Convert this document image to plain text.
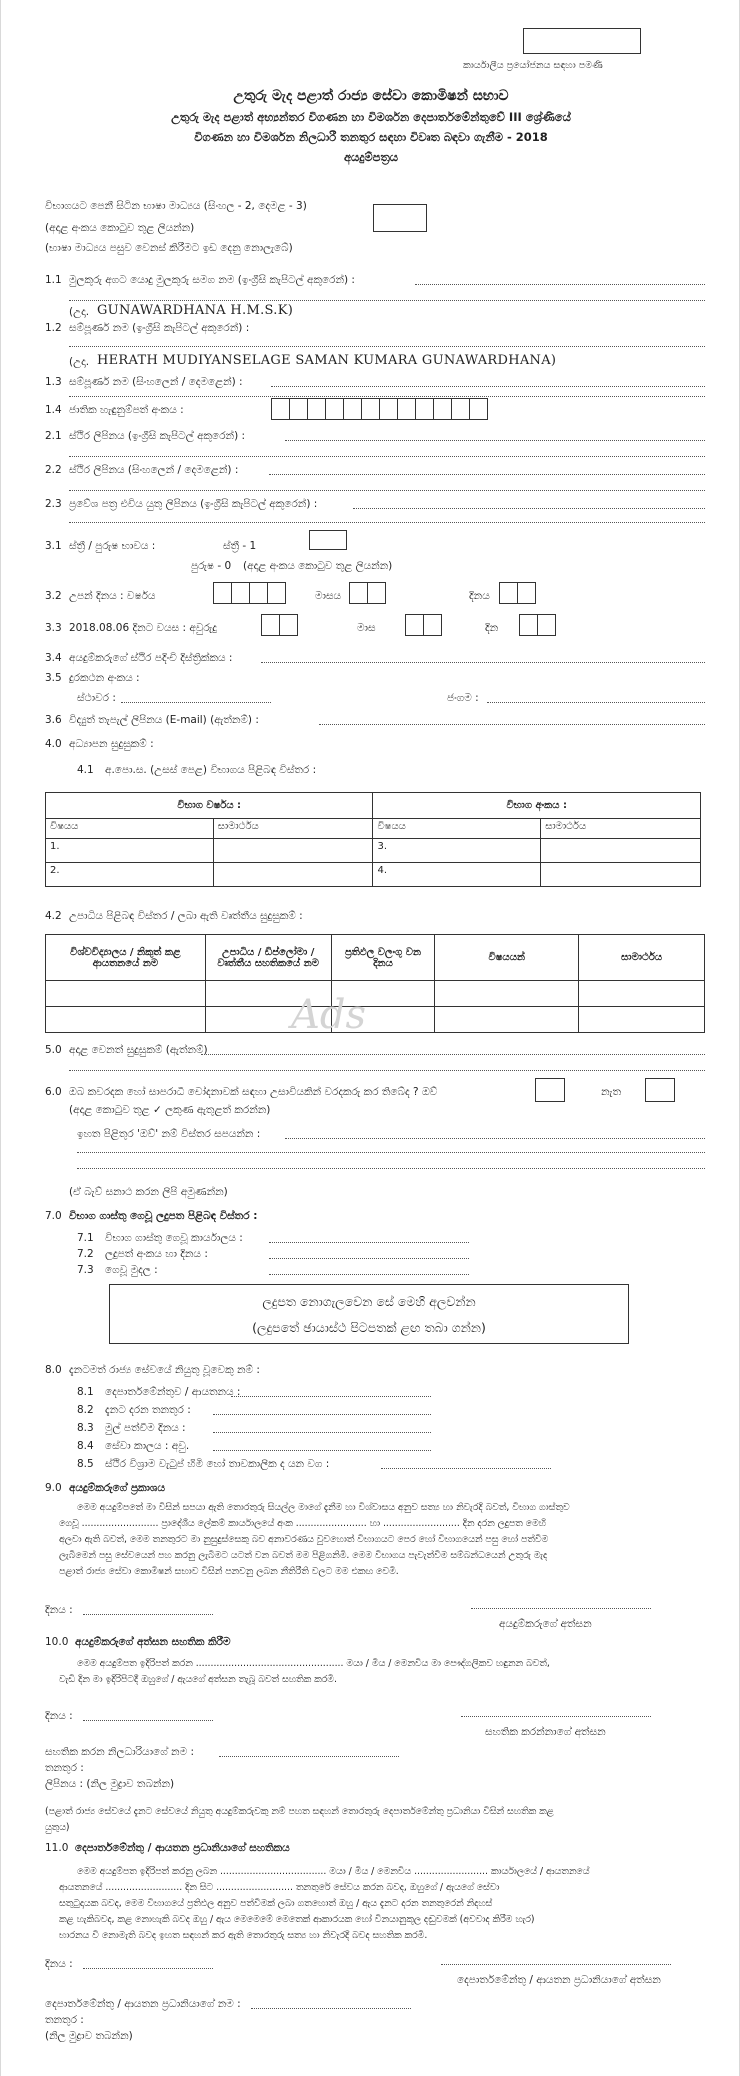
කාර්යාලීය ප්‍රයෝජනය සඳහා පමණි
උතුරු මැද පළාත් රාජ්‍ය සේවා කොමිෂන් සභාව
උතුරු මැද පළාත් අභ්‍යන්තර විගණන හා විමර්ශන දෙපාර්තමේන්තුවේ III ශ්‍රේණියේ
විගණන හා විමර්ශන නිලධාරී තනතුර සඳහා විවෘත බඳවා ගැනීම - 2018
අයදුම්පත්‍රය
විභාගයට පෙනී සිටින භාෂා මාධ්‍යය (සිංහල - 2, දෙමළ - 3)
(අදාළ අංකය කොටුව තුළ ලියන්න)
(භාෂා මාධ්‍යය පසුව වෙනස් කිරීමට ඉඩ දෙනු නොලැබේ)
1.1 මුලකුරු අගට යොදු මුලකුරු සමග නම (ඉංග්‍රීසි කැපිටල් අකුරෙන්) :
(උදා. GUNAWARDHANA H.M.S.K)
1.2 සම්පූර්ණ නම (ඉංග්‍රීසි කැපිටල් අකුරෙන්) :
(උදා. HERATH MUDIYANSELAGE SAMAN KUMARA GUNAWARDHANA)
1.3 සම්පූර්ණ නම (සිංහලෙන් / දෙමළෙන්) :
1.4 ජාතික හැඳුනුම්පත් අංකය :
2.1 ස්ථිර ලිපිනය (ඉංග්‍රීසි කැපිටල් අකුරෙන්) :
2.2 ස්ථිර ලිපිනය (සිංහලෙන් / දෙමළෙන්) :
2.3 ප්‍රවේශ පත්‍ර එවිය යුතු ලිපිනය (ඉංග්‍රීසි කැපිටල් අකුරෙන්) :
3.1 ස්ත්‍රී / පුරුෂ භාවය :	ස්ත්‍රී - 1
පුරුෂ - 0 (අදාළ අංකය කොටුව තුළ ලියන්න)
3.2 උපන් දිනය : වර්ෂය	මාසය	දිනය
3.3 2018.08.06 දිනට වයස : අවුරුදු	මාස	දින
3.4 අයදුම්කරුගේ ස්ථිර පදිංචි දිස්ත්‍රික්කය :
3.5 දුරකථන අංකය :
ස්ථාවර :	ජංගම :
3.6 විද්‍යුත් තැපැල් ලිපිනය (E-mail) (ඇත්නම්) :
4.0 අධ්‍යාපන සුදුසුකම් :
4.1 අ.පො.ස. (උසස් පෙළ) විභාගය පිළිබඳ විස්තර :
විභාග වර්ෂය :		විභාග අංකය :	
විෂයය	සාමාර්ථය	විෂයය	සාමාර්ථය
1.		3.	
2.		4.	
4.2 උපාධිය පිළිබඳ විස්තර / ලබා ඇති වෘත්තීය සුදුසුකම් :
විශ්වවිද්‍යාලය / නිකුත් කළ ආයතනයේ නම	උපාධිය / ඩිප්ලෝමා / වෘත්තීය සහතිකයේ නම	ප්‍රතිඵල වලංගු වන දිනය	විෂයයන්	සාමාර්ථය

Ads
5.0 අදාළ වෙනත් සුදුසුකම් (ඇත්නම්)
6.0 ඔබ කවරදක හෝ සාපරාධී චෝදනාවක් සඳහා උසාවියකින් වරදකරු කර තිබේද ? ඔව්	නැත
(අදාළ කොටුව තුළ ✓ ලකුණ ඇතුළත් කරන්න)
ඉහත පිළිතුර 'ඔව්' නම් විස්තර සපයන්න :
(ඒ බැව් සනාථ කරන ලිපි අමුණන්න)
7.0 විභාග ගාස්තු ගෙවූ ලදුපත පිළිබඳ විස්තර :
7.1 විභාග ගාස්තු ගෙවූ කාර්යාලය :
7.2 ලදුපත් අංකය හා දිනය :
7.3 ගෙවූ මුදල :
ලදුපත නොගැලවෙන සේ මෙහි අලවන්න
(ලදුපතේ ඡායාස්ථ පිටපතක් ළඟ තබා ගන්න)
8.0 දැනටමත් රාජ්‍ය සේවයේ නියුතු වූවෙකු නම් :
8.1 දෙපාර්තමේන්තුව / ආයතනය :
8.2 දැනට දරන තනතුර :
8.3 මුල් පත්වීම දිනය :
8.4 සේවා කාලය : අවු.
8.5 ස්ථිර විශ්‍රාම වැටුප් හිමි හෝ තාවකාලික ද යන වග :
9.0 අයදුම්කරුගේ ප්‍රකාශය
මෙම අයදුම්පතේ මා විසින් සපයා ඇති තොරතුරු සියල්ල මාගේ දැනීම හා විශ්වාසය අනුව සත්‍ය හා නිවැරදි බවත්, විභාග ගාස්තුව
ගෙවූ .......................... ප්‍රාදේශීය ලේකම් කාර්යාලයේ අංක ........................ හා .......................... දින දරන ලදුපත මෙහි
අලවා ඇති බවත්, මෙම තනතුරට මා නුසුදුස්සෙකු බව අනාවරණය වුවහොත් විභාගයට පෙර හෝ විභාගයෙන් පසු හෝ පත්වීම
ලැබීමෙන් පසු සේවයෙන් පහ කරනු ලැබීමට යටත් වන බවත් මම පිළිගනිමි. මෙම විභාගය පැවැත්වීම සම්බන්ධයෙන් උතුරු මැද
පළාත් රාජ්‍ය සේවා කොමිෂන් සභාව විසින් පනවනු ලබන නීතිරීති වලට මම එකඟ වෙමි.
දිනය :
අයදුම්කරුගේ අත්සන
10.0 අයදුම්කරුගේ අත්සන සහතික කිරීම
මෙම අයදුම්පත ඉදිරිපත් කරන .................................................. මයා / මිය / මෙනවිය මා පෞද්ගලිකව හඳුනන බවත්,
වැඩි දින මා ඉදිරිපිටදී ඔහුගේ / ඇයගේ අත්සන තැබූ බවත් සහතික කරමි.
දිනය :
සහතික කරන්නාගේ අත්සන
සහතික කරන නිලධාරියාගේ නම :
තනතුර :
ලිපිනය : (නිල මුද්‍රාව තබන්න)
(පළාත් රාජ්‍ය සේවයේ දැනට සේවයේ නියුතු අයදුම්කරුවකු නම් පහත සඳහන් තොරතුරු දෙපාර්තමේන්තු ප්‍රධානියා විසින් සහතික කළ
යුතුය)
11.0 දෙපාර්තමේන්තු / ආයතන ප්‍රධානියාගේ සහතිකය
මෙම අයදුම්පත ඉදිරිපත් කරනු ලබන .................................... මයා / මිය / මෙනවිය ......................... කාර්යාලයේ / ආයතනයේ
ආයතනයේ .......................... දින සිට .......................... තනතුරේ සේවය කරන බවද, ඔහුගේ / ඇයගේ සේවා
සතුටුදායක බවද, මෙම විභාගයේ ප්‍රතිඵල අනුව පත්වීමක් ලබා ගතහොත් ඔහු / ඇය දැනට දරන තනතුරෙන් නිදහස්
කළ හැකිබවද, කළ නොහැකි බවද ඔහු / ඇය මෙමෙමේ මෙතෙක් ආකාරයක හෝ විනයානුකූල දඬුවමක් (අවවාද කිරීම හැර)
භාරනය වී නොමැති බවද ඉහත සඳහන් කර ඇති තොරතුරු සත්‍ය හා නිවැරදි බවද සහතික කරමි.
දිනය :
දෙපාර්තමේන්තු / ආයතන ප්‍රධානියාගේ අත්සන
දෙපාර්තමේන්තු / ආයතන ප්‍රධානියාගේ නම :
තනතුර :
(නිල මුද්‍රාව තබන්න)
